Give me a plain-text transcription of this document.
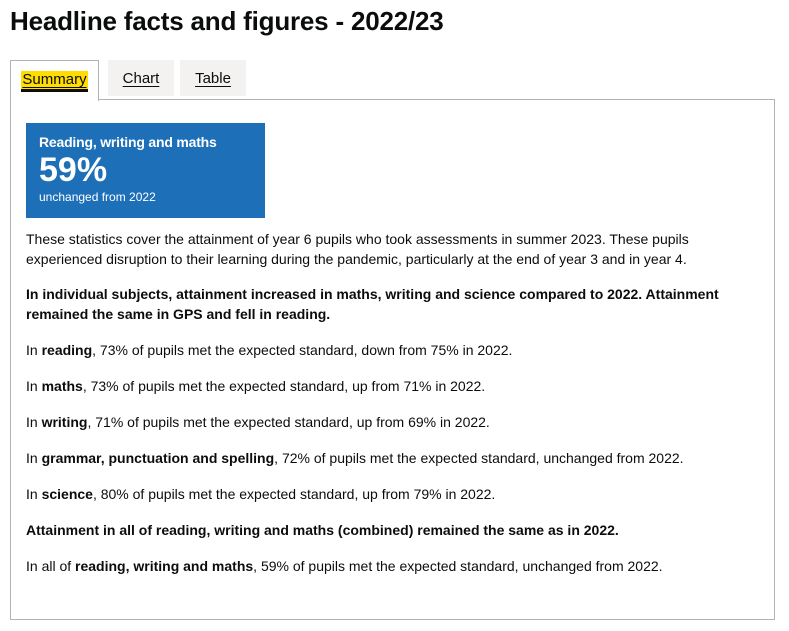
Headline facts and figures - 2022/23
Summary Chart Table
Reading, writing and maths
59%
unchanged from 2022

These statistics cover the attainment of year 6 pupils who took assessments in summer 2023. These pupils experienced disruption to their learning during the pandemic, particularly at the end of year 3 and in year 4.

In individual subjects, attainment increased in maths, writing and science compared to 2022. Attainment remained the same in GPS and fell in reading.

In reading, 73% of pupils met the expected standard, down from 75% in 2022.

In maths, 73% of pupils met the expected standard, up from 71% in 2022.

In writing, 71% of pupils met the expected standard, up from 69% in 2022.

In grammar, punctuation and spelling, 72% of pupils met the expected standard, unchanged from 2022.

In science, 80% of pupils met the expected standard, up from 79% in 2022.

Attainment in all of reading, writing and maths (combined) remained the same as in 2022.

In all of reading, writing and maths, 59% of pupils met the expected standard, unchanged from 2022.
